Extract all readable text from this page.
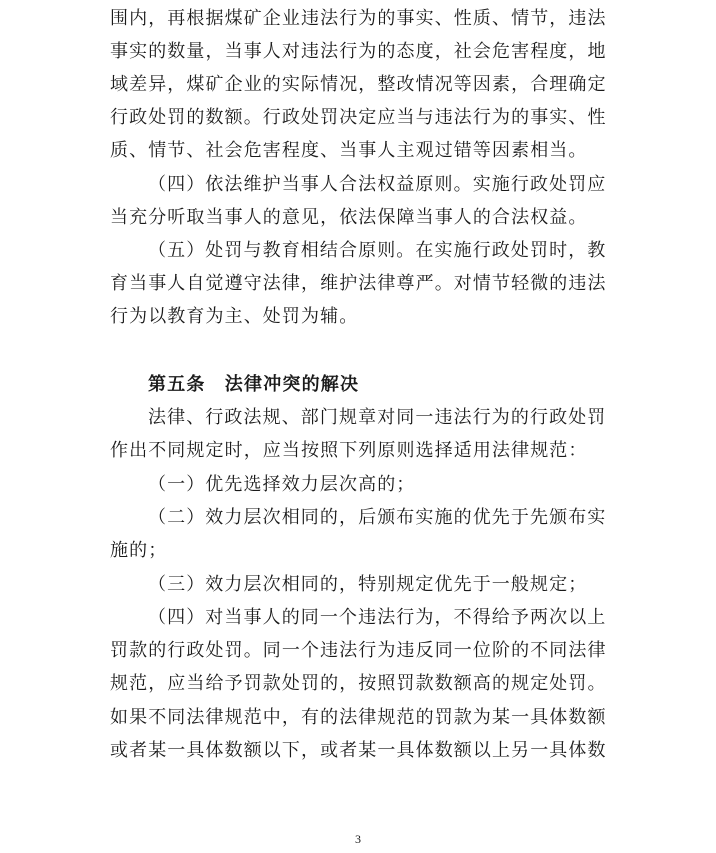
围内，再根据煤矿企业违法行为的事实、性质、情节，违法
事实的数量，当事人对违法行为的态度，社会危害程度，地
域差异，煤矿企业的实际情况，整改情况等因素，合理确定
行政处罚的数额。行政处罚决定应当与违法行为的事实、性
质、情节、社会危害程度、当事人主观过错等因素相当。
（四）依法维护当事人合法权益原则。实施行政处罚应
当充分听取当事人的意见，依法保障当事人的合法权益。
（五）处罚与教育相结合原则。在实施行政处罚时，教
育当事人自觉遵守法律，维护法律尊严。对情节轻微的违法
行为以教育为主、处罚为辅。
第五条　法律冲突的解决
法律、行政法规、部门规章对同一违法行为的行政处罚
作出不同规定时，应当按照下列原则选择适用法律规范：
（一）优先选择效力层次高的；
（二）效力层次相同的，后颁布实施的优先于先颁布实
施的；
（三）效力层次相同的，特别规定优先于一般规定；
（四）对当事人的同一个违法行为，不得给予两次以上
罚款的行政处罚。同一个违法行为违反同一位阶的不同法律
规范，应当给予罚款处罚的，按照罚款数额高的规定处罚。
如果不同法律规范中，有的法律规范的罚款为某一具体数额
或者某一具体数额以下，或者某一具体数额以上另一具体数
3
